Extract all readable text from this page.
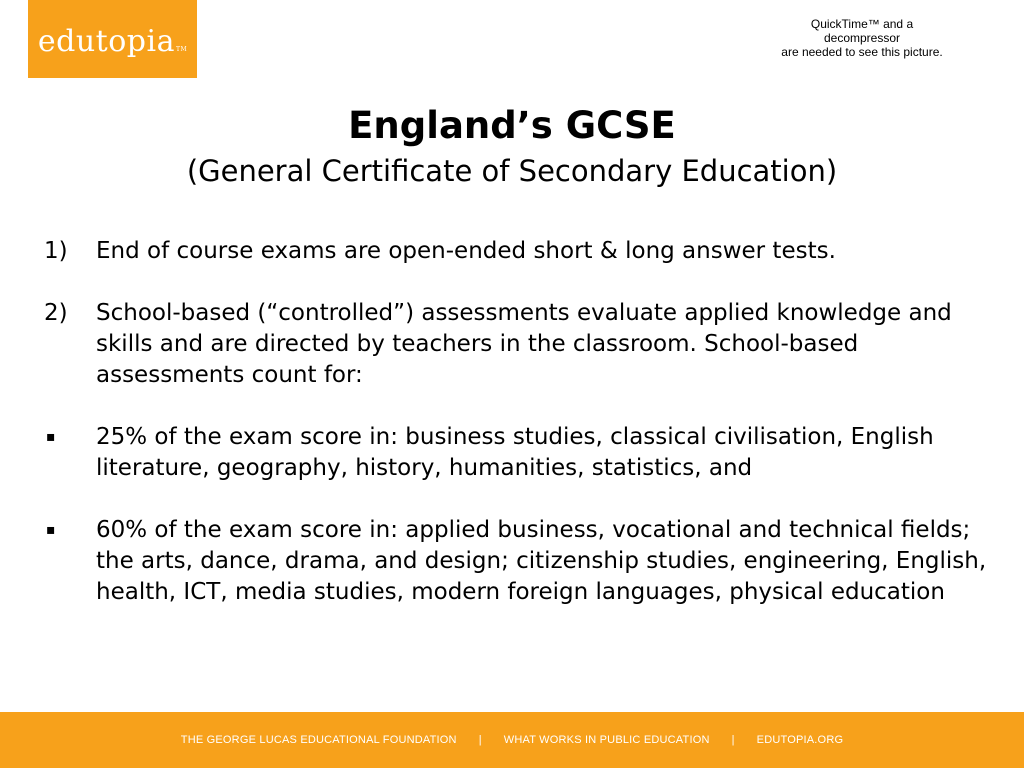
edutopiaTM
QuickTime™ and a
decompressor
are needed to see this picture.
England’s GCSE
(General Certificate of Secondary Education)
1) End of course exams are open-ended short & long answer tests.
2) School-based (“controlled”) assessments evaluate applied knowledge and skills and are directed by teachers in the classroom. School-based assessments count for:
▪ 25% of the exam score in: business studies, classical civilisation, English literature, geography, history, humanities, statistics, and
▪ 60% of the exam score in: applied business, vocational and technical fields; the arts, dance, drama, and design; citizenship studies, engineering, English, health, ICT, media studies, modern foreign languages, physical education
THE GEORGE LUCAS EDUCATIONAL FOUNDATION | WHAT WORKS IN PUBLIC EDUCATION | EDUTOPIA.ORG
